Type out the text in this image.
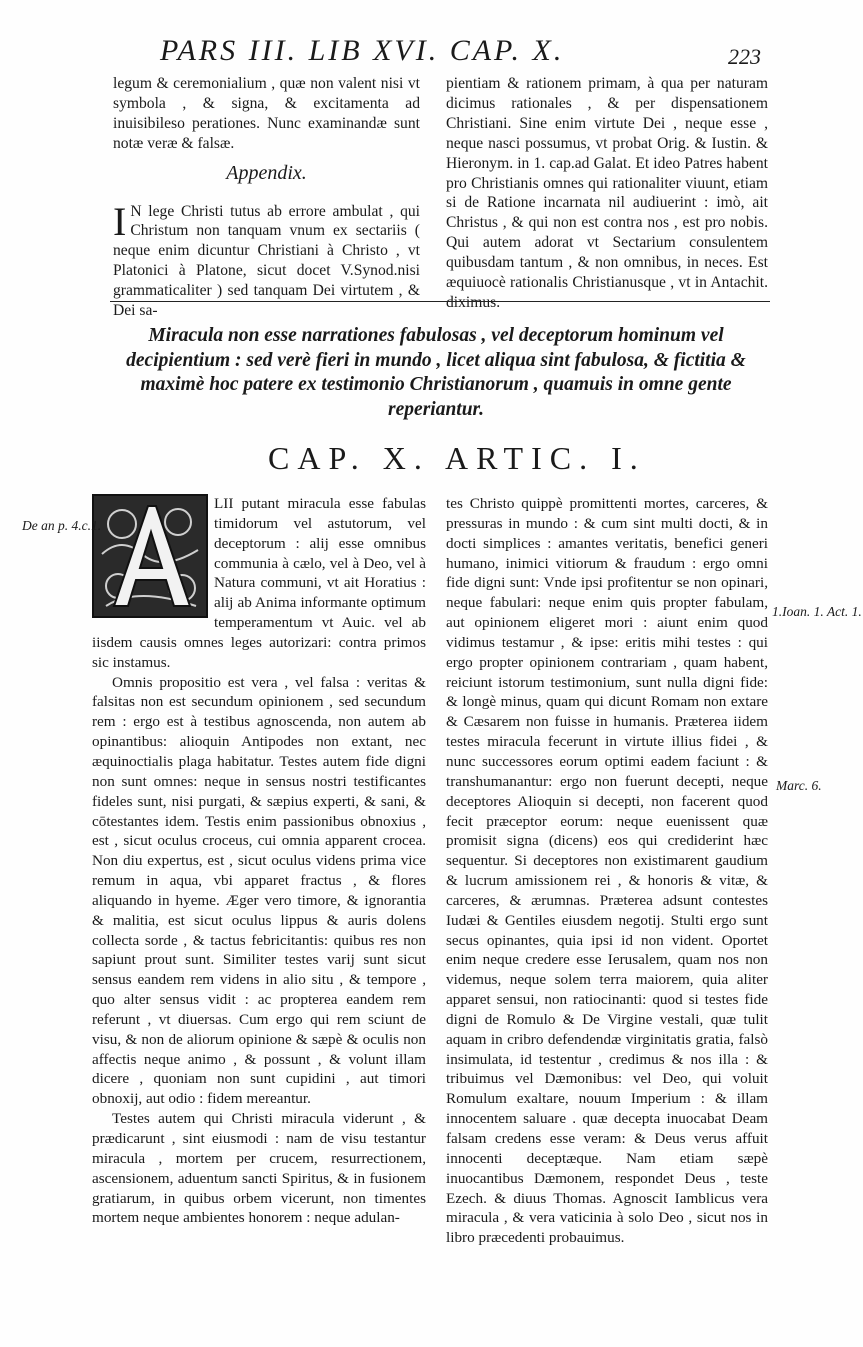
PARS III. LIB XVI. CAP. X.	223

legum & ceremonialium , quæ non valent nisi vt symbola , & signa, & excitamenta ad inuisibileso perationes. Nunc examinandæ sunt notæ veræ & falsæ.

Appendix.

I N lege Christi tutus ab errore ambulat , qui Christum non tanquam vnum ex sectariis ( neque enim dicuntur Christiani à Christo , vt Platonici à Platone, sicut docet V.Synod.nisi grammaticaliter ) sed tanquam Dei virtutem , & Dei sa-

pientiam & rationem primam, à qua per naturam dicimus rationales , & per dispensationem Christiani. Sine enim virtute Dei , neque esse , neque nasci possumus, vt probat Orig. & Iustin. & Hieronym. in 1. cap.ad Galat. Et ideo Patres habent pro Christianis omnes qui rationaliter viuunt, etiam si de Ratione incarnata nil audiuerint : imò, ait Christus , & qui non est contra nos , est pro nobis. Qui autem adorat vt Sectarium consulentem quibusdam tantum , & non omnibus, in neces. Est æquiuocè rationalis Christianusque , vt in Antachit. diximus.

Miracula non esse narrationes fabulosas , vel deceptorum hominum vel decipientium : sed verè fieri in mundo , licet aliqua sint fabulosa, & fictitia & maximè hoc patere ex testimonio Christianorum , quamuis in omne gente reperiantur.
CAP. X. ARTIC. I.

LII putant miracula esse fabulas timidorum vel astutorum, vel deceptorum : alij esse omnibus communia à cælo, vel à Deo, vel à Natura communi, vt ait Horatius : alij ab Anima informante optimum temperamentum vt Auic. vel ab iisdem causis omnes leges autorizari: contra primos sic instamus.

Omnis propositio est vera , vel falsa : veritas & falsitas non est secundum opinionem , sed secundum rem : ergo est à testibus agnoscenda, non autem ab opinantibus: alioquin Antipodes non extant, nec æquinoctialis plaga habitatur. Testes autem fide digni non sunt omnes: neque in sensus nostri testificantes fideles sunt, nisi purgati, & sæpius experti, & sani, & cōtestantes idem. Testis enim passionibus obnoxius , est , sicut oculus croceus, cui omnia apparent crocea. Non diu expertus, est , sicut oculus videns prima vice remum in aqua, vbi apparet fractus , & flores aliquando in hyeme. Æger vero timore, & ignorantia & malitia, est sicut oculus lippus & auris dolens collecta sorde , & tactus febricitantis: quibus res non sapiunt prout sunt. Similiter testes varij sunt sicut sensus eandem rem videns in alio situ , & tempore , quo alter sensus vidit : ac propterea eandem rem referunt , vt diuersas. Cum ergo qui rem sciunt de visu, & non de aliorum opinione & sæpè & oculis non affectis neque animo , & possunt , & volunt illam dicere , quoniam non sunt cupidini , aut timori obnoxij, aut odio : fidem mereantur.

Testes autem qui Christi miracula viderunt , & prædicarunt , sint eiusmodi : nam de visu testantur miracula , mortem per crucem, resurrectionem, ascensionem, aduentum sancti Spiritus, & in fusionem gratiarum, in quibus orbem vicerunt, non timentes mortem neque ambientes honorem : neque adulan-

tes Christo quippè promittenti mortes, carceres, & pressuras in mundo : & cum sint multi docti, & in docti simplices : amantes veritatis, benefici generi humano, inimici vitiorum & fraudum : ergo omni fide digni sunt: Vnde ipsi profitentur se non opinari, neque fabulari: neque enim quis propter fabulam, aut opinionem eligeret mori : aiunt enim quod vidimus testamur , & ipse: eritis mihi testes : qui ergo propter opinionem contrariam , quam habent, reiciunt istorum testimonium, sunt nulla digni fide: & longè minus, quam qui dicunt Romam non extare & Cæsarem non fuisse in humanis. Præterea iidem testes miracula fecerunt in virtute illius fidei , & nunc successores eorum optimi eadem faciunt : & transhumanantur: ergo non fuerunt decepti, neque deceptores Alioquin si decepti, non facerent quod fecit præceptor eorum: neque euenissent quæ promisit signa (dicens) eos qui crediderint hæc sequentur. Si deceptores non existimarent gaudium & lucrum amissionem rei , & honoris & vitæ, & carceres, & ærumnas. Præterea adsunt contestes Iudæi & Gentiles eiusdem negotij. Stulti ergo sunt secus opinantes, quia ipsi id non vident. Oportet enim neque credere esse Ierusalem, quam nos non videmus, neque solem terra maiorem, quia aliter apparet sensui, non ratiocinanti: quod si testes fide digni de Romulo & De Virgine vestali, quæ tulit aquam in cribro defendendæ virginitatis gratia, falsò insimulata, id testentur , credimus & nos illa : & tribuimus vel Dæmonibus: vel Deo, qui voluit Romulum exaltare, nouum Imperium : & illam innocentem saluare . quæ decepta inuocabat Deam falsam credens esse veram: & Deus verus affuit innocenti deceptæque. Nam etiam sæpè inuocantibus Dæmonem, respondet Deus , teste Ezech. & diuus Thomas. Agnoscit Iamblicus vera miracula , & vera vaticinia à solo Deo , sicut nos in libro præcedenti probauimus.

De an p. 4.c.1.
1.Ioan. 1. Act. 1.
Marc. 6.
